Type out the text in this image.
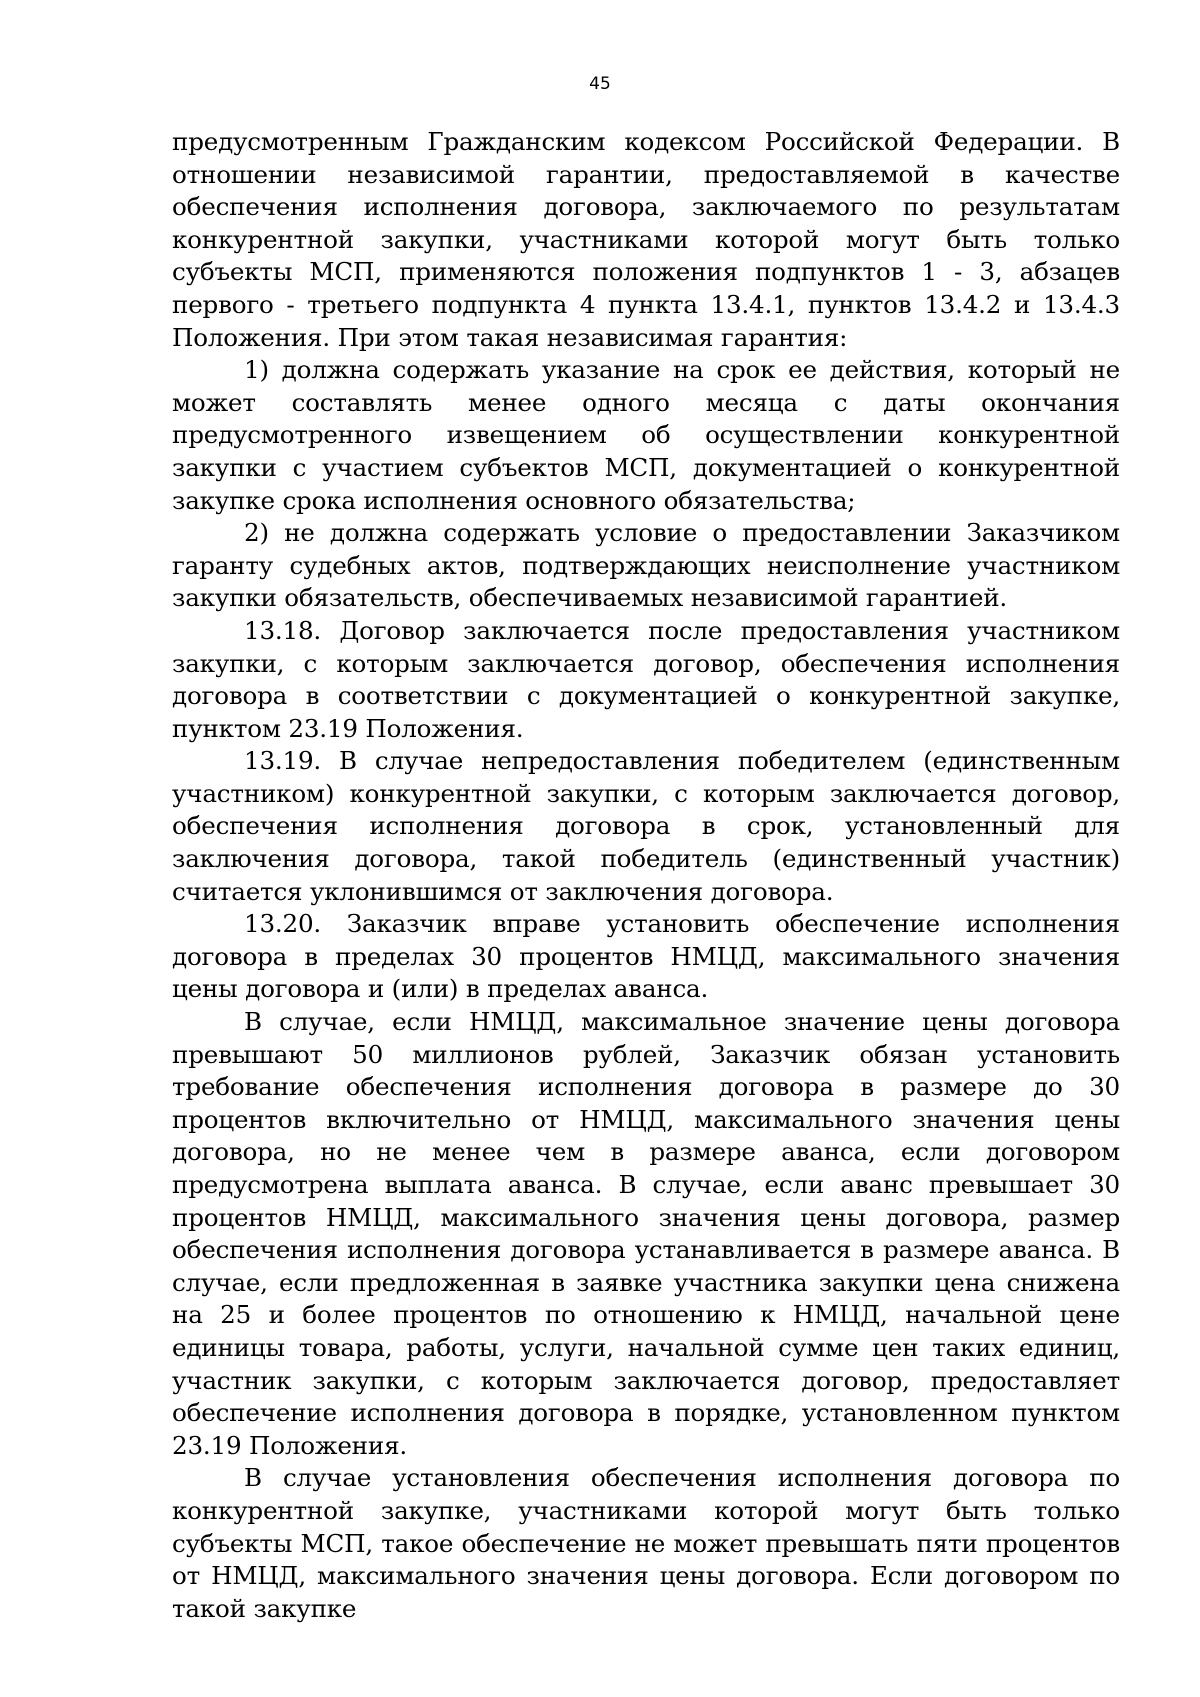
45

предусмотренным Гражданским кодексом Российской Федерации. В отношении независимой гарантии, предоставляемой в качестве обеспечения исполнения договора, заключаемого по результатам конкурентной закупки, участниками которой могут быть только субъекты МСП, применяются положения подпунктов 1 - 3, абзацев первого - третьего подпункта 4 пункта 13.4.1, пунктов 13.4.2 и 13.4.3 Положения. При этом такая независимая гарантия:

1) должна содержать указание на срок ее действия, который не может составлять менее одного месяца с даты окончания предусмотренного извещением об осуществлении конкурентной закупки с участием субъектов МСП, документацией о конкурентной закупке срока исполнения основного обязательства;

2) не должна содержать условие о предоставлении Заказчиком гаранту судебных актов, подтверждающих неисполнение участником закупки обязательств, обеспечиваемых независимой гарантией.

13.18. Договор заключается после предоставления участником закупки, с которым заключается договор, обеспечения исполнения договора в соответствии с документацией о конкурентной закупке, пунктом 23.19 Положения.

13.19. В случае непредоставления победителем (единственным участником) конкурентной закупки, с которым заключается договор, обеспечения исполнения договора в срок, установленный для заключения договора, такой победитель (единственный участник) считается уклонившимся от заключения договора.

13.20. Заказчик вправе установить обеспечение исполнения договора в пределах 30 процентов НМЦД, максимального значения цены договора и (или) в пределах аванса.

В случае, если НМЦД, максимальное значение цены договора превышают 50 миллионов рублей, Заказчик обязан установить требование обеспечения исполнения договора в размере до 30 процентов включительно от НМЦД, максимального значения цены договора, но не менее чем в размере аванса, если договором предусмотрена выплата аванса. В случае, если аванс превышает 30 процентов НМЦД, максимального значения цены договора, размер обеспечения исполнения договора устанавливается в размере аванса. В случае, если предложенная в заявке участника закупки цена снижена на 25 и более процентов по отношению к НМЦД, начальной цене единицы товара, работы, услуги, начальной сумме цен таких единиц, участник закупки, с которым заключается договор, предоставляет обеспечение исполнения договора в порядке, установленном пунктом 23.19 Положения.

В случае установления обеспечения исполнения договора по конкурентной закупке, участниками которой могут быть только субъекты МСП, такое обеспечение не может превышать пяти процентов от НМЦД, максимального значения цены договора. Если договором по такой закупке
